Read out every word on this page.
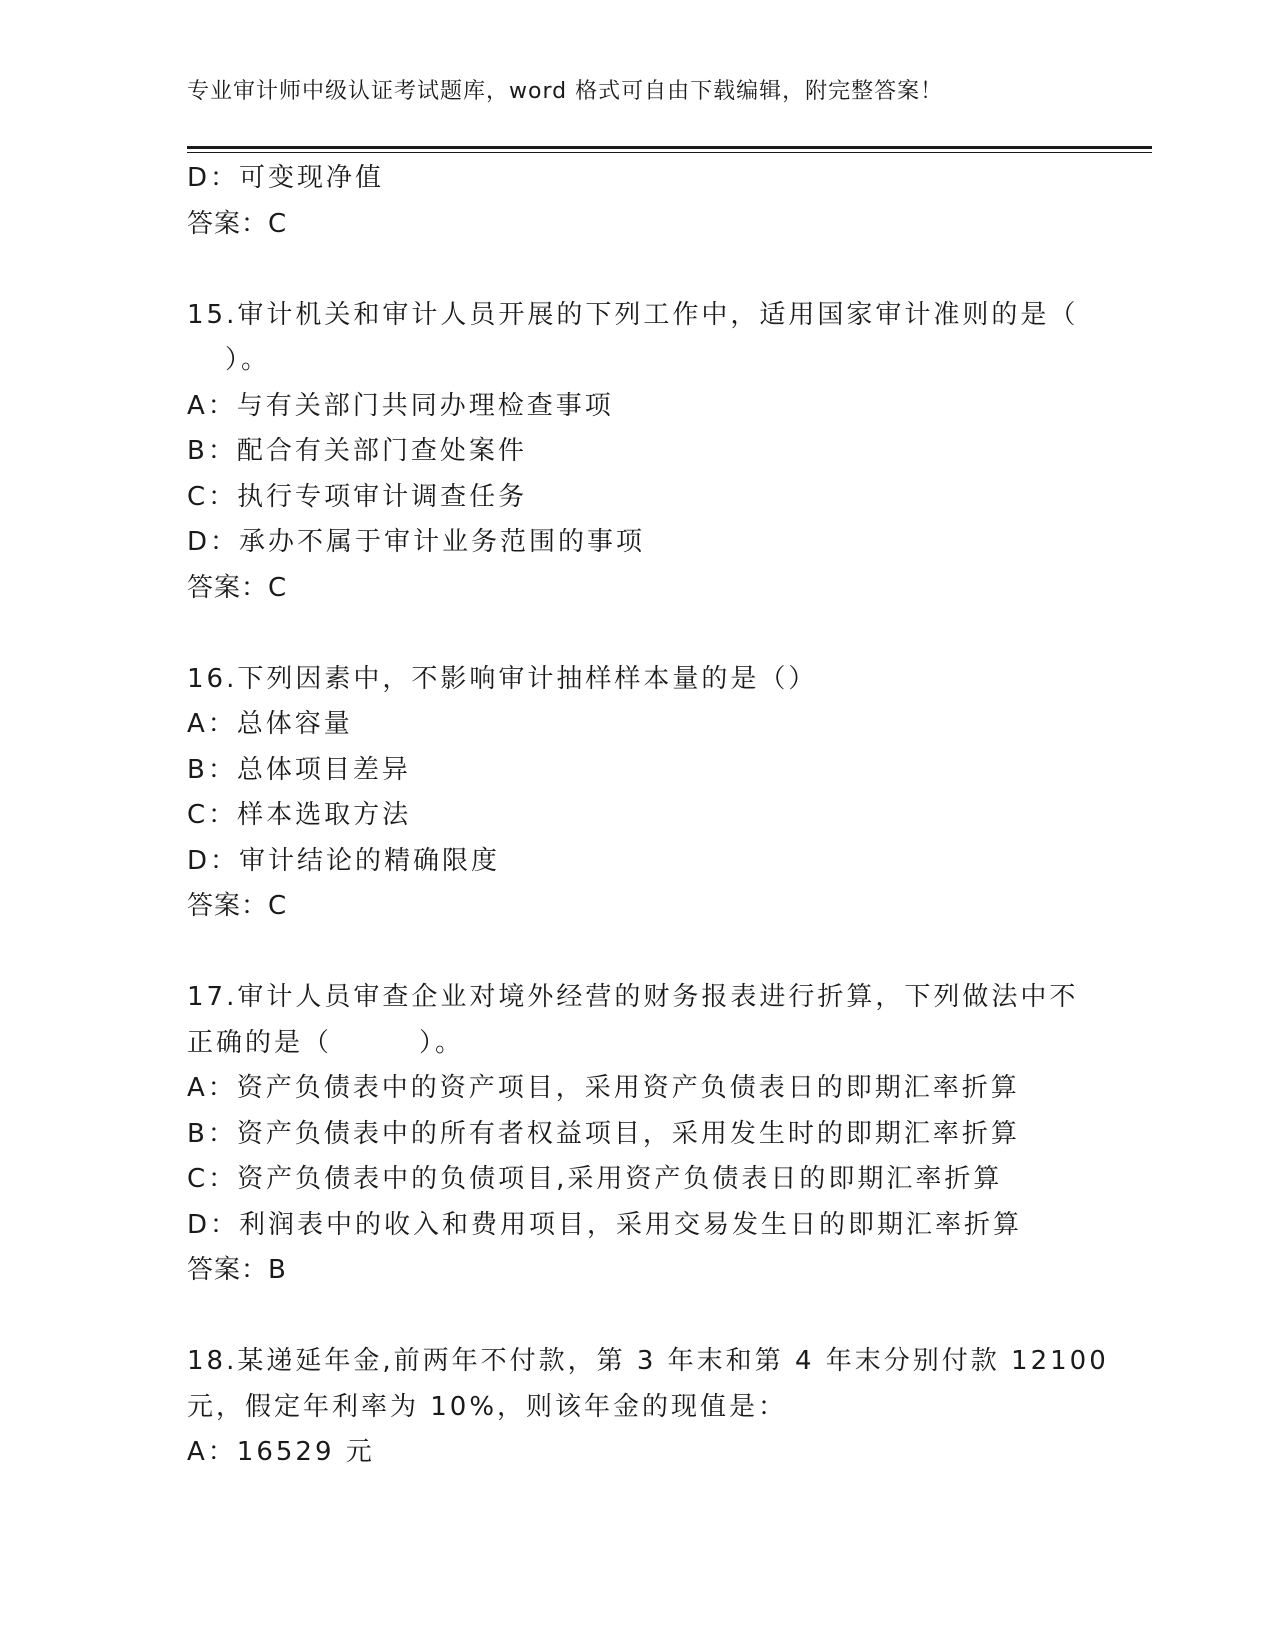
专业审计师中级认证考试题库，word 格式可自由下载编辑，附完整答案！
D：可变现净值
答案：C
15.审计机关和审计人员开展的下列工作中，适用国家审计准则的是（
）。
A：与有关部门共同办理检查事项
B：配合有关部门查处案件
C：执行专项审计调查任务
D：承办不属于审计业务范围的事项
答案：C
16.下列因素中，不影响审计抽样样本量的是（）
A：总体容量
B：总体项目差异
C：样本选取方法
D：审计结论的精确限度
答案：C
17.审计人员审查企业对境外经营的财务报表进行折算，下列做法中不
正确的是（　　　）。
A：资产负债表中的资产项目，采用资产负债表日的即期汇率折算
B：资产负债表中的所有者权益项目，采用发生时的即期汇率折算
C：资产负债表中的负债项目,采用资产负债表日的即期汇率折算
D：利润表中的收入和费用项目，采用交易发生日的即期汇率折算
答案：B
18.某递延年金,前两年不付款，第 3 年末和第 4 年末分别付款 12100
元，假定年利率为 10%，则该年金的现值是：
A：16529 元
